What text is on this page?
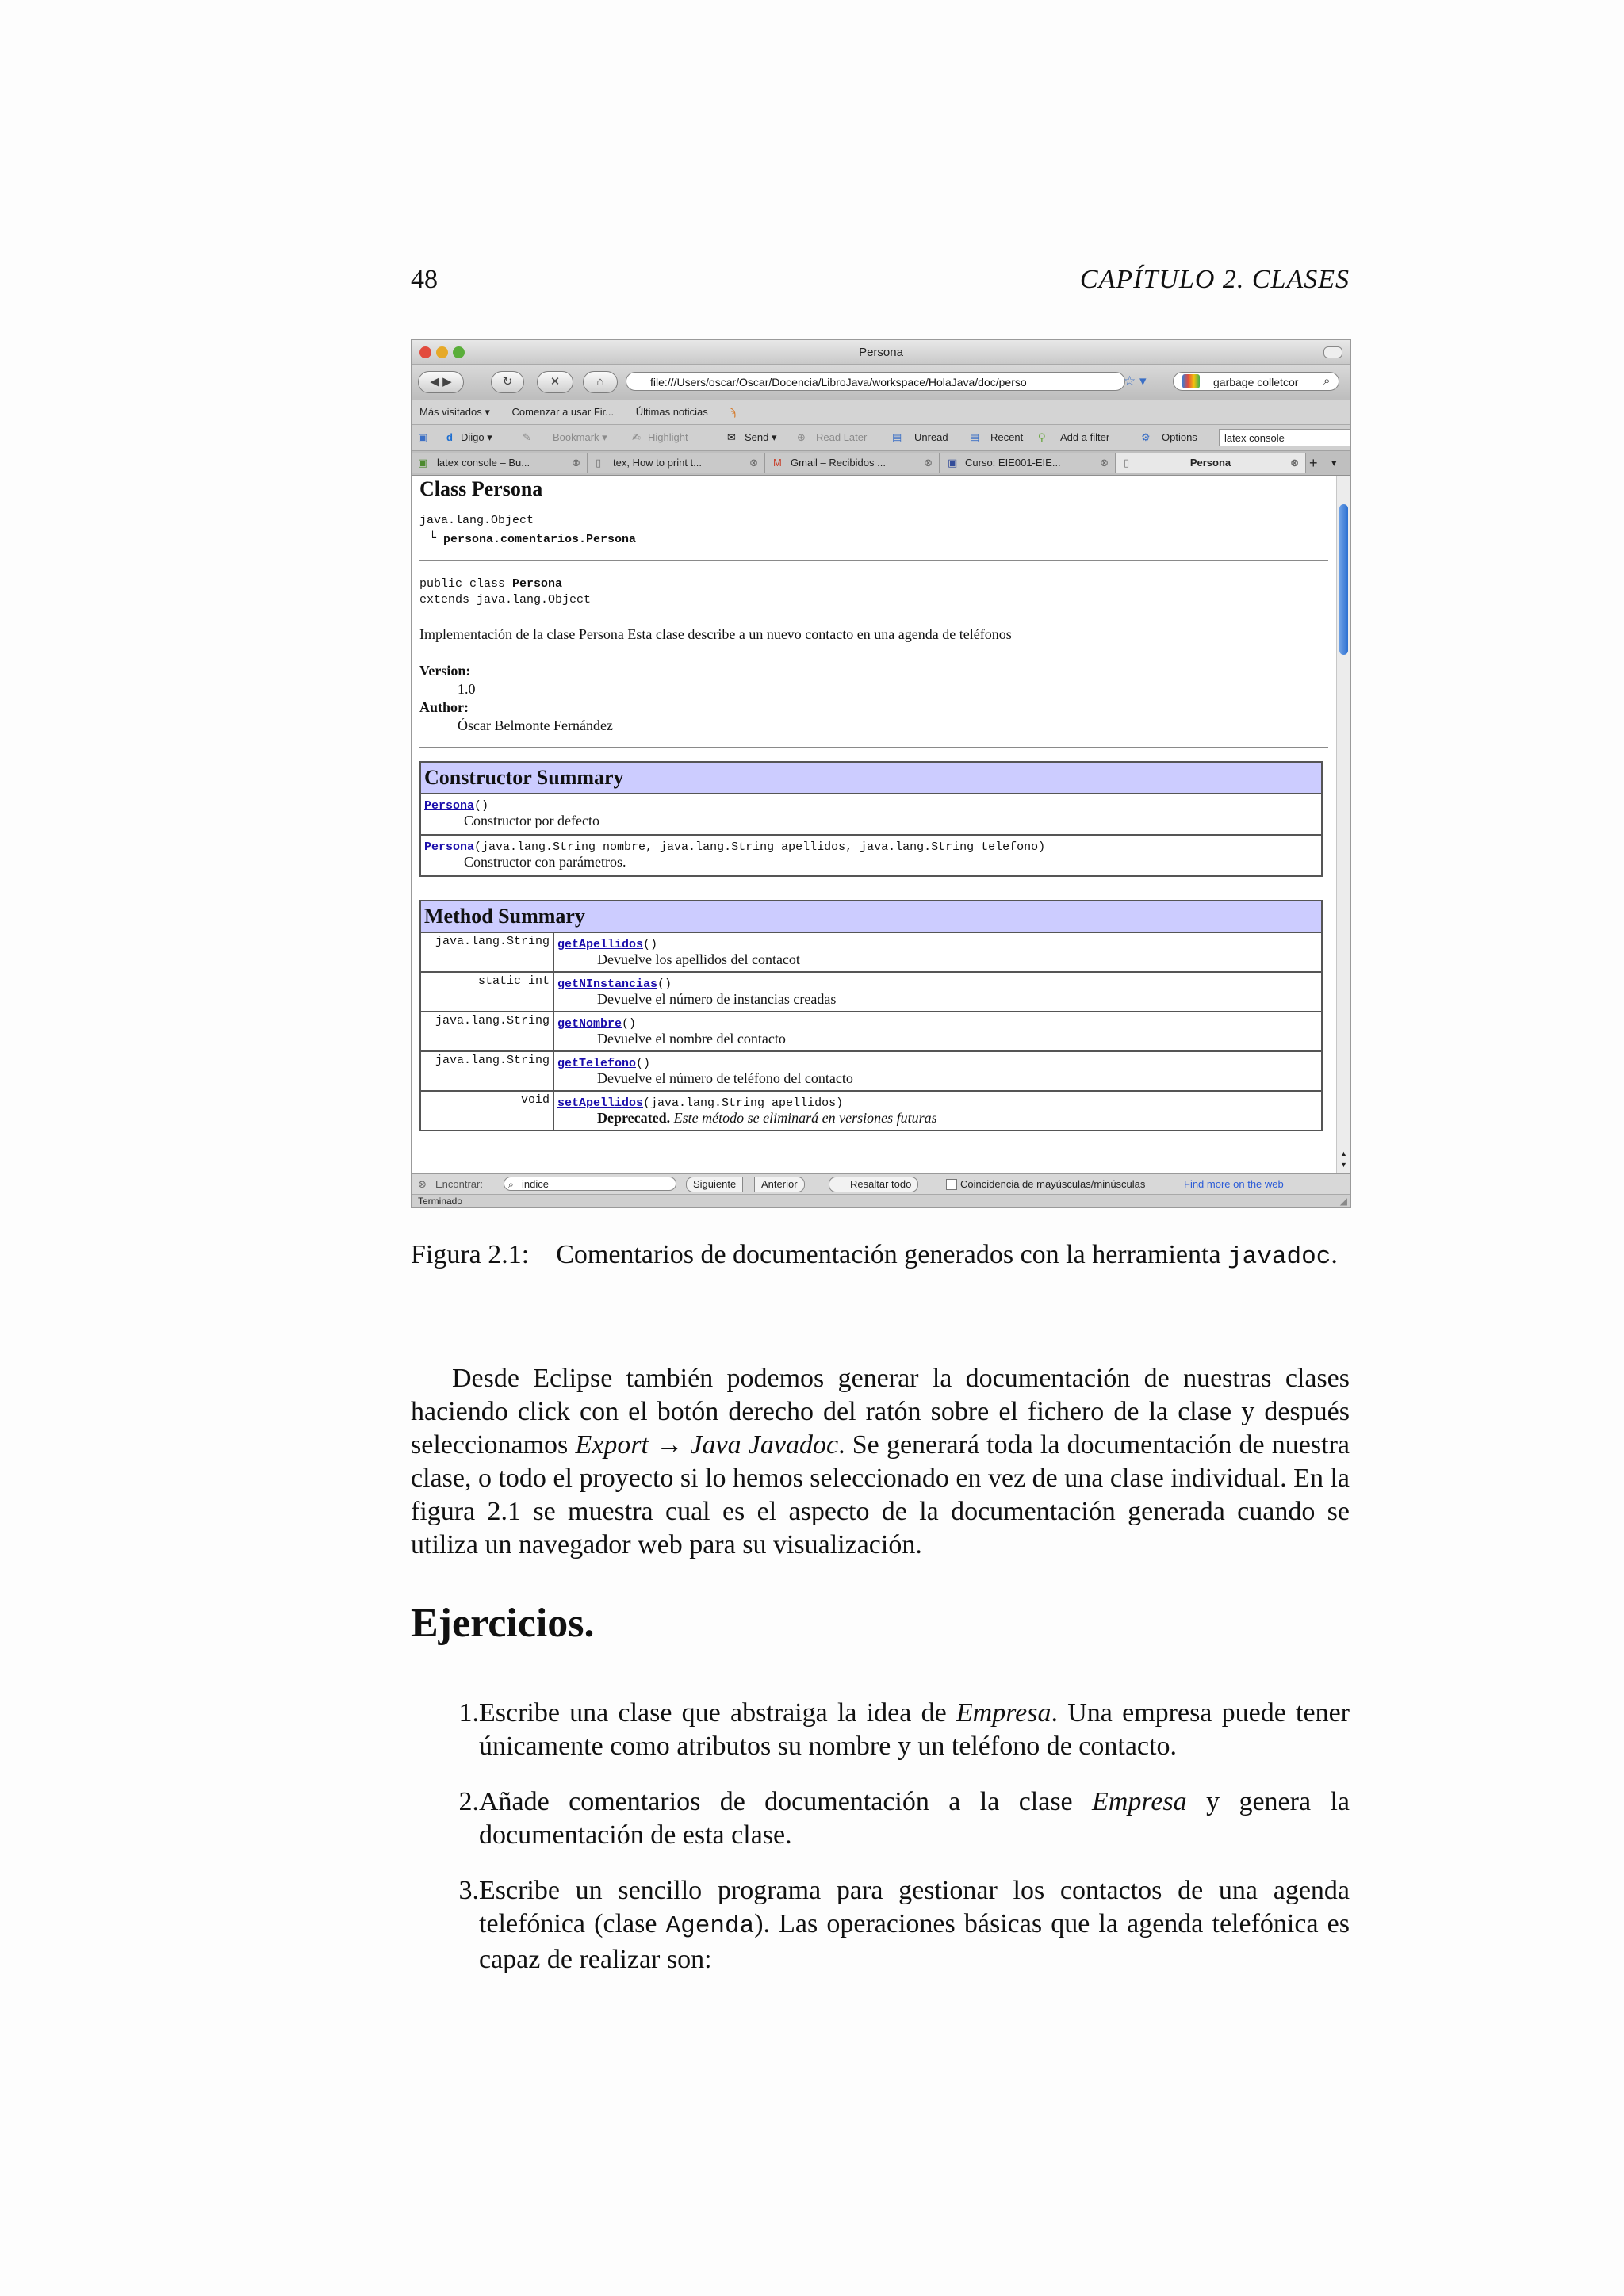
48	CAPÍTULO 2. CLASES
Persona
◀ ▶	↻	✕	⌂	file:///Users/oscar/Oscar/Docencia/LibroJava/workspace/HolaJava/doc/perso	☆ ▾	garbage colletcor	⌕
Más visitados ▾ Comenzar a usar Fir... Últimas noticias ϡ
▣ d Diigo ▾	✎ Bookmark ▾ ✍ Highlight	✉ Send ▾ ⊕ Read Later ▤ Unread ▤ Recent ⚲ Add a filter	⚙ Options	latex console
▣ latex console – Bu...	⊗ ▯ tex, How to print t...	⊗ M Gmail – Recibidos ...	⊗ ▣ Curso: EIE001-EIE...	⊗ ▯	Persona	⊗ + ▾
Class Persona
java.lang.Object
└ persona.comentarios.Persona
public class Persona
extends java.lang.Object
Implementación de la clase Persona Esta clase describe a un nuevo contacto en una agenda de teléfonos
Version:
1.0
Author:
Óscar Belmonte Fernández
Constructor Summary
Persona()
Constructor por defecto
Persona(java.lang.String nombre, java.lang.String apellidos, java.lang.String telefono)
Constructor con parámetros.
Method Summary	
java.lang.String	getApellidos()
Devuelve los apellidos del contacot
static int	getNInstancias()
Devuelve el número de instancias creadas
java.lang.String	getNombre()
Devuelve el nombre del contacto
java.lang.String	getTelefono()
Devuelve el número de teléfono del contacto
void	setApellidos(java.lang.String apellidos)
Deprecated. Este método se eliminará en versiones futuras
▲
▼
⊗ Encontrar:	indice
⌕	Siguiente	Anterior	Resaltar todo	Coincidencia de mayúsculas/minúsculas	Find more on the web
Terminado	◢
Figura 2.1: Comentarios de documentación generados con la herramienta javadoc.
Desde Eclipse también podemos generar la documentación de nuestras clases haciendo click con el botón derecho del ratón sobre el fichero de la clase y después seleccionamos Export → Java Javadoc. Se generará toda la documentación de nuestra clase, o todo el proyecto si lo hemos seleccionado en vez de una clase individual. En la figura 2.1 se muestra cual es el aspecto de la documentación generada cuando se utiliza un navegador web para su visualización.
Ejercicios.
1. Escribe una clase que abstraiga la idea de Empresa. Una empresa puede tener únicamente como atributos su nombre y un teléfono de contacto.
2. Añade comentarios de documentación a la clase Empresa y genera la documentación de esta clase.
3. Escribe un sencillo programa para gestionar los contactos de una agenda telefónica (clase Agenda). Las operaciones básicas que la agenda telefónica es capaz de realizar son:
